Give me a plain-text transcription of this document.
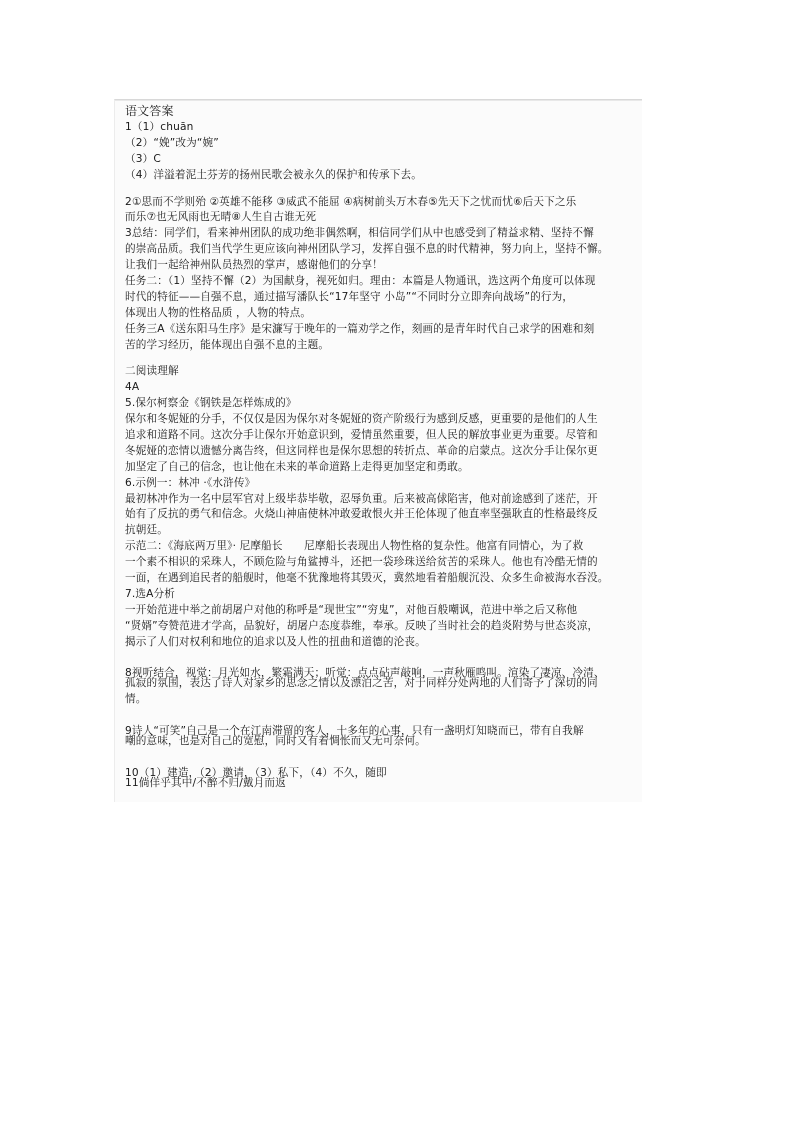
语文答案
1（1）chuān
（2）“娩”改为“婉”
（3）C
（4）洋溢着泥土芬芳的扬州民歌会被永久的保护和传承下去。
2①思而不学则殆 ②英雄不能移 ③威武不能屈 ④病树前头万木春⑤先天下之忧而忧⑥后天下之乐
而乐⑦也无风雨也无晴⑧人生自古谁无死
3总结：同学们，看来神州团队的成功绝非偶然啊，相信同学们从中也感受到了精益求精、坚持不懈
的崇高品质。我们当代学生更应该向神州团队学习，发挥自强不息的时代精神，努力向上，坚持不懈。
让我们一起给神州队员热烈的掌声，感谢他们的分享！
任务二：（1）坚持不懈（2）为国献身，视死如归。理由：本篇是人物通讯，选这两个角度可以体现
时代的特征——自强不息，通过描写潘队长“17年坚守 小岛”“不同时分立即奔向战场”的行为，
体现出人物的性格品质 ，人物的特点。
任务三A《送东阳马生序》是宋濂写于晚年的一篇劝学之作，刻画的是青年时代自己求学的困难和刻
苦的学习经历，能体现出自强不息的主题。
二阅读理解
4A
5.保尔柯察金《钢铁是怎样炼成的》
保尔和冬妮娅的分手，不仅仅是因为保尔对冬妮娅的资产阶级行为感到反感，更重要的是他们的人生
追求和道路不同。这次分手让保尔开始意识到，爱情虽然重要，但人民的解放事业更为重要。尽管和
冬妮娅的恋情以遗憾分离告终，但这同样也是保尔思想的转折点、革命的启蒙点。这次分手让保尔更
加坚定了自己的信念，也让他在未来的革命道路上走得更加坚定和勇敢。
6.示例一：林冲 ·《水浒传》
最初林冲作为一名中层军官对上级毕恭毕敬，忍辱负重。后来被高俅陷害，他对前途感到了迷茫，开
始有了反抗的勇气和信念。火烧山神庙使林冲敢爱敢恨火并王伦体现了他直率坚强耿直的性格最终反
抗朝廷。
示范二：《海底两万里》· 尼摩船长　　尼摩船长表现出人物性格的复杂性。他富有同情心，为了救
一个素不相识的采珠人，不顾危险与角鲨搏斗，还把一袋珍珠送给贫苦的采珠人。他也有冷酷无情的
一面，在遇到追民者的船舰时，他毫不犹豫地将其毁灭，冀然地看着船舰沉没、众多生命被海水吞没。
7.选A分析
一开始范进中举之前胡屠户对他的称呼是“现世宝”“穷鬼”，对他百般嘲讽，范进中举之后又称他
“贤婿”夸赞范进才学高，品貌好，胡屠户态度恭维，奉承。反映了当时社会的趋炎附势与世态炎凉，
揭示了人们对权利和地位的追求以及人性的扭曲和道德的沦丧。
8视听结合，视觉：月光如水，繁霜满天；听觉：点点砧声敲响，一声秋雁鸣叫。渲染了凄凉、冷清、
孤寂的氛围，表达了诗人对家乡的思念之情以及漂泊之苦，对于同样分处两地的人们寄予了深切的同
情。
9诗人“可笑”自己是一个在江南滞留的客人，十多年的心事，只有一盏明灯知晓而已，带有自我解
嘲的意味，也是对自己的宽慰，同时又有着惆怅而又无可奈何。
10（1）建造，（2）邀请，（3）私下，（4）不久，随即
11倘佯乎其中/不醉不归/戴月而返
